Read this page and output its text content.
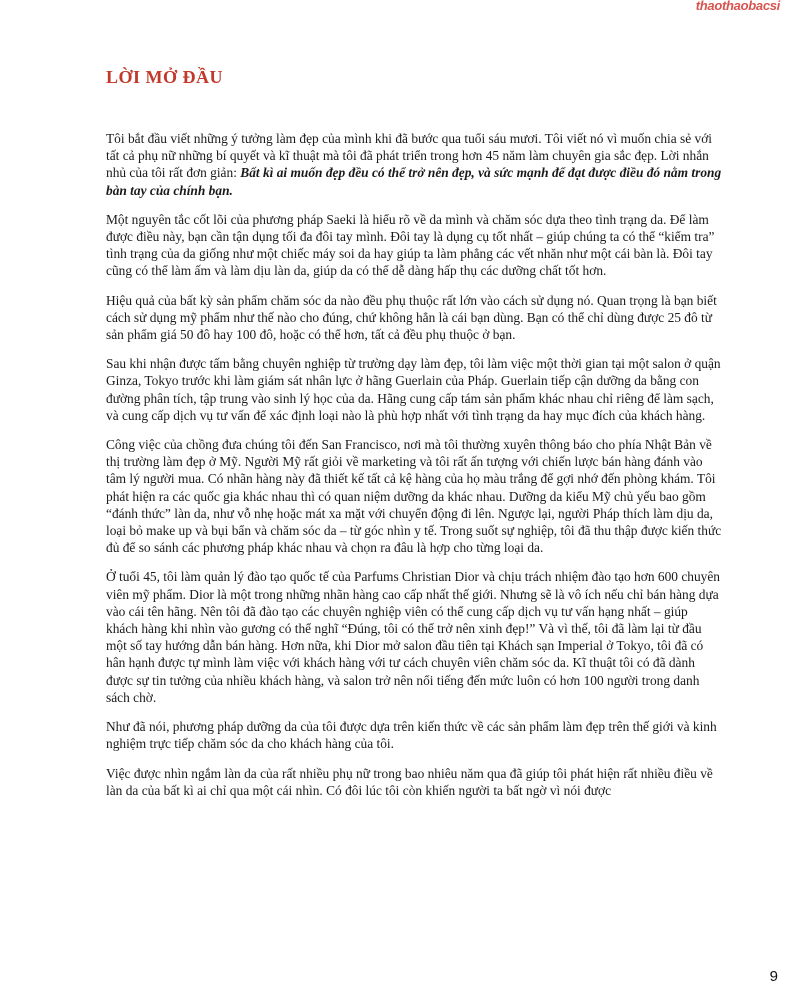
thaothaobacsi
LỜI MỞ ĐẦU

Tôi bắt đầu viết những ý tưởng làm đẹp của mình khi đã bước qua tuổi sáu mươi. Tôi viết nó vì muốn chia sẻ với tất cả phụ nữ những bí quyết và kĩ thuật mà tôi đã phát triển trong hơn 45 năm làm chuyên gia sắc đẹp. Lời nhắn nhủ của tôi rất đơn giản: Bất kì ai muốn đẹp đều có thể trở nên đẹp, và sức mạnh để đạt được điều đó nằm trong bàn tay của chính bạn.

Một nguyên tắc cốt lõi của phương pháp Saeki là hiểu rõ về da mình và chăm sóc dựa theo tình trạng da. Để làm được điều này, bạn cần tận dụng tối đa đôi tay mình. Đôi tay là dụng cụ tốt nhất – giúp chúng ta có thể “kiểm tra” tình trạng của da giống như một chiếc máy soi da hay giúp ta làm phẳng các vết nhăn như một cái bàn là. Đôi tay cũng có thể làm ấm và làm dịu làn da, giúp da có thể dễ dàng hấp thụ các dưỡng chất tốt hơn.

Hiệu quả của bất kỳ sản phẩm chăm sóc da nào đều phụ thuộc rất lớn vào cách sử dụng nó. Quan trọng là bạn biết cách sử dụng mỹ phẩm như thế nào cho đúng, chứ không hẳn là cái bạn dùng. Bạn có thể chỉ dùng được 25 đô từ sản phẩm giá 50 đô hay 100 đô, hoặc có thể hơn, tất cả đều phụ thuộc ở bạn.

Sau khi nhận được tấm bằng chuyên nghiệp từ trường dạy làm đẹp, tôi làm việc một thời gian tại một salon ở quận Ginza, Tokyo trước khi làm giám sát nhân lực ở hãng Guerlain của Pháp. Guerlain tiếp cận dưỡng da bằng con đường phân tích, tập trung vào sinh lý học của da. Hãng cung cấp tám sản phẩm khác nhau chỉ riêng để làm sạch, và cung cấp dịch vụ tư vấn để xác định loại nào là phù hợp nhất với tình trạng da hay mục đích của khách hàng.

Công việc của chồng đưa chúng tôi đến San Francisco, nơi mà tôi thường xuyên thông báo cho phía Nhật Bản về thị trường làm đẹp ở Mỹ. Người Mỹ rất giỏi về marketing và tôi rất ấn tượng với chiến lược bán hàng đánh vào tâm lý người mua. Có nhãn hàng này đã thiết kế tất cả kệ hàng của họ màu trắng để gợi nhớ đến phòng khám. Tôi phát hiện ra các quốc gia khác nhau thì có quan niệm dưỡng da khác nhau. Dưỡng da kiểu Mỹ chủ yếu bao gồm “đánh thức” làn da, như vỗ nhẹ hoặc mát xa mặt với chuyển động đi lên. Ngược lại, người Pháp thích làm dịu da, loại bỏ make up và bụi bẩn và chăm sóc da – từ góc nhìn y tế. Trong suốt sự nghiệp, tôi đã thu thập được kiến thức đủ để so sánh các phương pháp khác nhau và chọn ra đâu là hợp cho từng loại da.

Ở tuổi 45, tôi làm quản lý đào tạo quốc tế của Parfums Christian Dior và chịu trách nhiệm đào tạo hơn 600 chuyên viên mỹ phẩm. Dior là một trong những nhãn hàng cao cấp nhất thế giới. Nhưng sẽ là vô ích nếu chỉ bán hàng dựa vào cái tên hãng. Nên tôi đã đào tạo các chuyên nghiệp viên có thể cung cấp dịch vụ tư vấn hạng nhất – giúp khách hàng khi nhìn vào gương có thể nghĩ “Đúng, tôi có thể trở nên xinh đẹp!” Và vì thế, tôi đã làm lại từ đầu một số tay hướng dẫn bán hàng. Hơn nữa, khi Dior mở salon đầu tiên tại Khách sạn Imperial ở Tokyo, tôi đã có hân hạnh được tự mình làm việc với khách hàng với tư cách chuyên viên chăm sóc da. Kĩ thuật tôi có đã dành được sự tin tưởng của nhiều khách hàng, và salon trở nên nổi tiếng đến mức luôn có hơn 100 người trong danh sách chờ.

Như đã nói, phương pháp dưỡng da của tôi được dựa trên kiến thức về các sản phẩm làm đẹp trên thế giới và kinh nghiệm trực tiếp chăm sóc da cho khách hàng của tôi.

Việc được nhìn ngắm làn da của rất nhiều phụ nữ trong bao nhiêu năm qua đã giúp tôi phát hiện rất nhiều điều về làn da của bất kì ai chỉ qua một cái nhìn. Có đôi lúc tôi còn khiến người ta bất ngờ vì nói được

9
